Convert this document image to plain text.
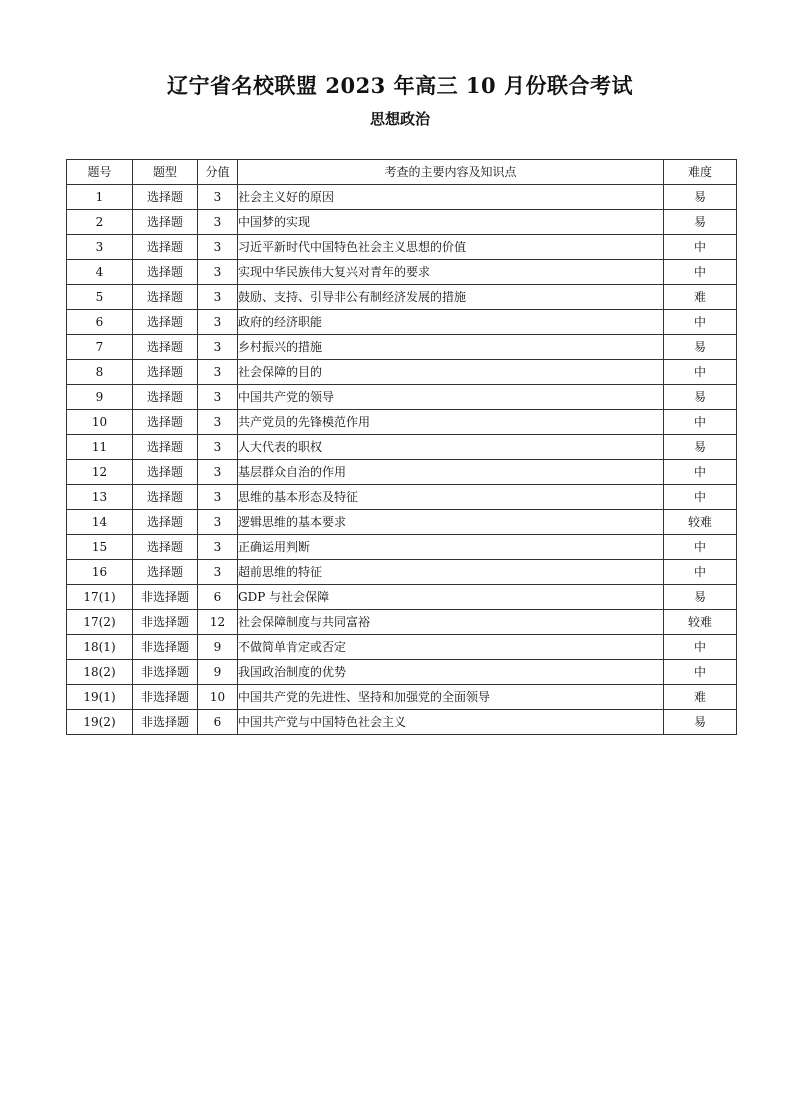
辽宁省名校联盟 2023 年高三 10 月份联合考试
思想政治
题号	题型	分值	考查的主要内容及知识点	难度
1	选择题	3	社会主义好的原因	易
2	选择题	3	中国梦的实现	易
3	选择题	3	习近平新时代中国特色社会主义思想的价值	中
4	选择题	3	实现中华民族伟大复兴对青年的要求	中
5	选择题	3	鼓励、支持、引导非公有制经济发展的措施	难
6	选择题	3	政府的经济职能	中
7	选择题	3	乡村振兴的措施	易
8	选择题	3	社会保障的目的	中
9	选择题	3	中国共产党的领导	易
10	选择题	3	共产党员的先锋模范作用	中
11	选择题	3	人大代表的职权	易
12	选择题	3	基层群众自治的作用	中
13	选择题	3	思维的基本形态及特征	中
14	选择题	3	逻辑思维的基本要求	较难
15	选择题	3	正确运用判断	中
16	选择题	3	超前思维的特征	中
17(1)	非选择题	6	GDP 与社会保障	易
17(2)	非选择题	12	社会保障制度与共同富裕	较难
18(1)	非选择题	9	不做简单肯定或否定	中
18(2)	非选择题	9	我国政治制度的优势	中
19(1)	非选择题	10	中国共产党的先进性、坚持和加强党的全面领导	难
19(2)	非选择题	6	中国共产党与中国特色社会主义	易
